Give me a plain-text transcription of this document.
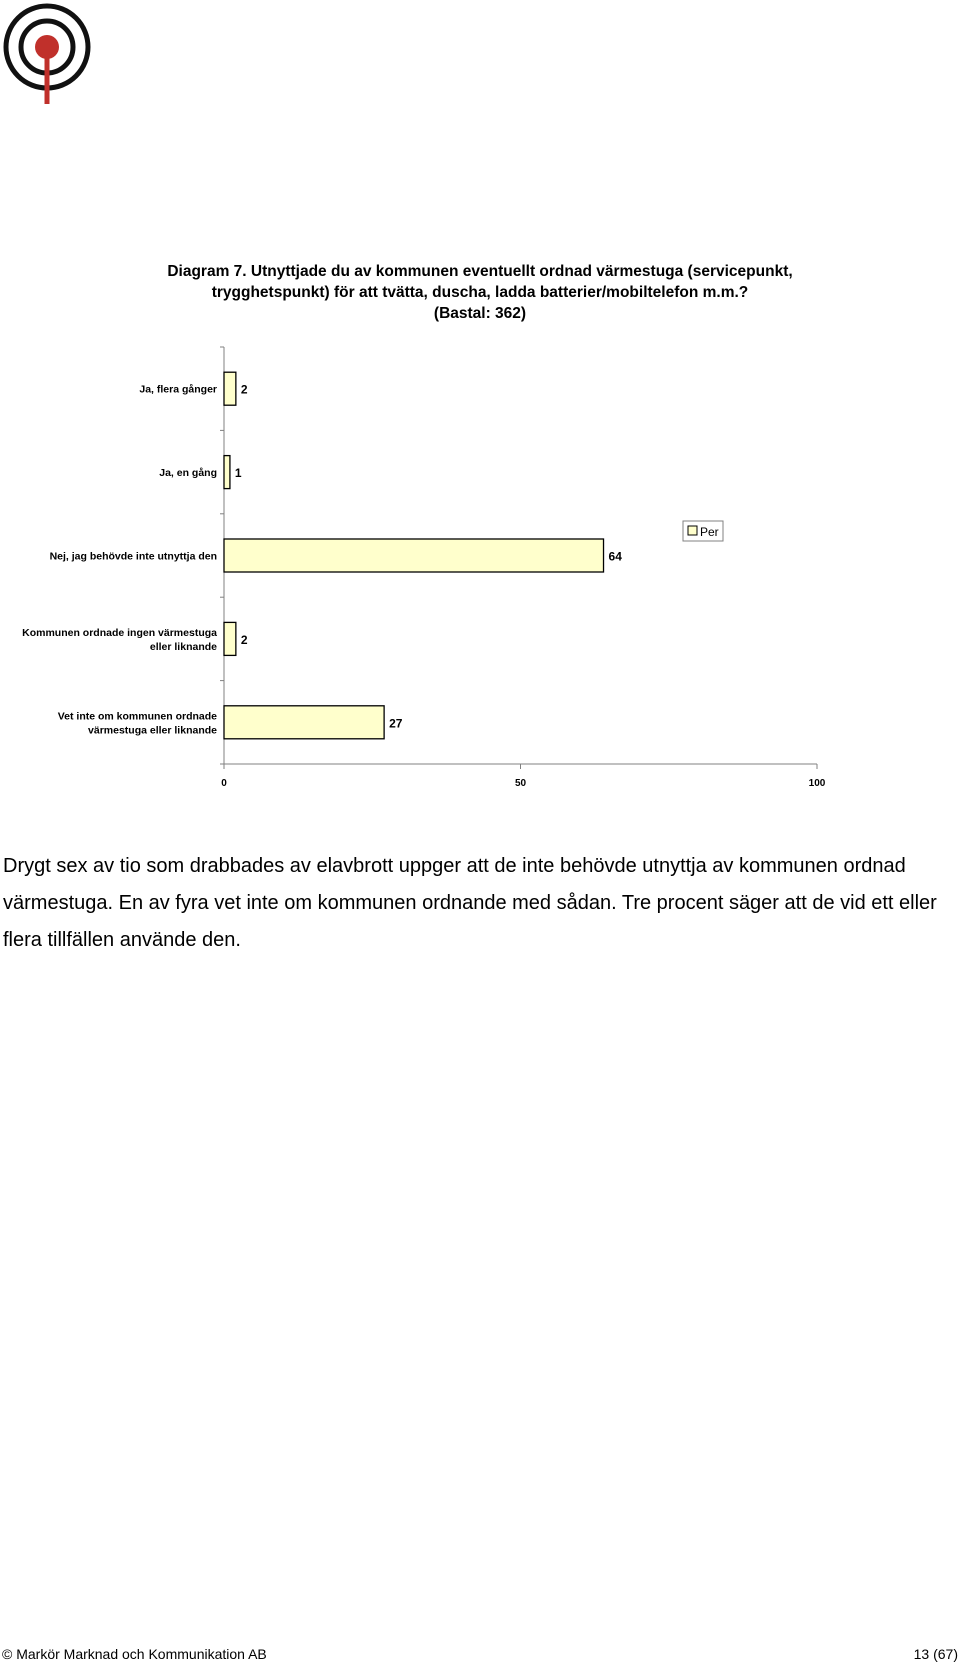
Diagram 7. Utnyttjade du av kommunen eventuellt ordnad värmestuga (servicepunkt,
trygghetspunkt) för att tvätta, duscha, ladda batterier/mobiltelefon m.m.?
(Bastal: 362)
0	50	100
2
Ja, flera gånger
1
Ja, en gång
64
Nej, jag behövde inte utnyttja den
2
Kommunen ordnade ingen värmestuga
eller liknande
27
Vet inte om kommunen ordnade
värmestuga eller liknande
Per
Drygt sex av tio som drabbades av elavbrott uppger att de inte behövde utnyttja av kommunen ordnad värmestuga. En av fyra vet inte om kommunen ordnande med sådan. Tre procent säger att de vid ett eller flera tillfällen använde den.
© Markör Marknad och Kommunikation AB	13 (67)
